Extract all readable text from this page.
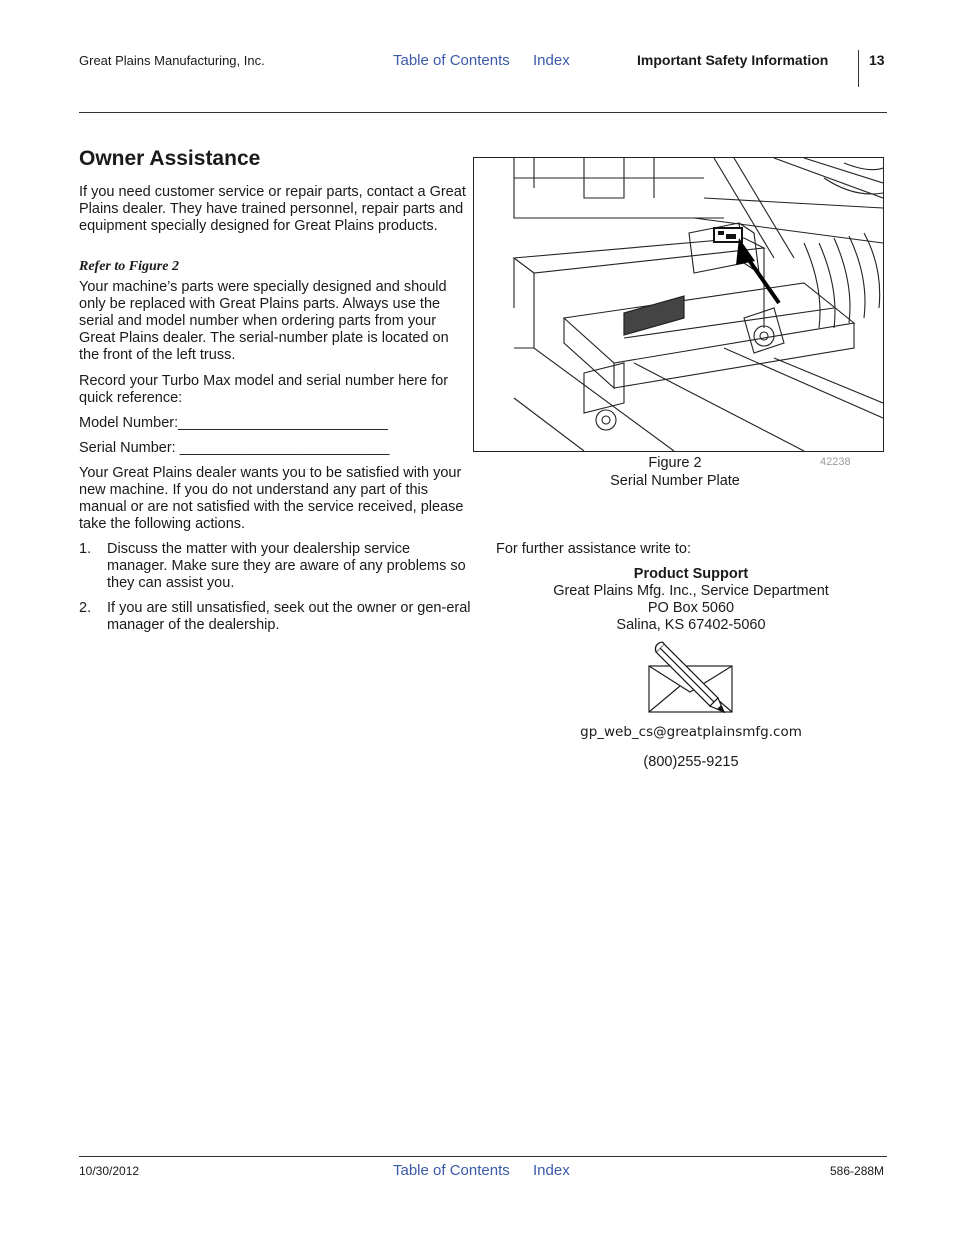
Great Plains Manufacturing, Inc.	Table of Contents Index	Important Safety Information	13
Owner Assistance

If you need customer service or repair parts, contact a Great Plains dealer. They have trained personnel, repair parts and equipment specially designed for Great Plains products.

Refer to Figure 2

Your machine’s parts were specially designed and should only be replaced with Great Plains parts. Always use the serial and model number when ordering parts from your Great Plains dealer. The serial-number plate is located on the front of the left truss.

Record your Turbo Max model and serial number here for quick reference:

Model Number:__________________________
Serial Number: __________________________

Your Great Plains dealer wants you to be satisfied with your new machine. If you do not understand any part of this manual or are not satisfied with the service received, please take the following actions.

1.	Discuss the matter with your dealership service manager. Make sure they are aware of any problems so they can assist you.
2.	If you are still unsatisfied, seek out the owner or gen-eral manager of the dealership.
Figure 2	42238
Serial Number Plate
For further assistance write to:
Product Support
Great Plains Mfg. Inc., Service Department
PO Box 5060
Salina, KS 67402-5060
gp_web_cs@greatplainsmfg.com
(800)255-9215
10/30/2012	Table of Contents Index	586-288M
